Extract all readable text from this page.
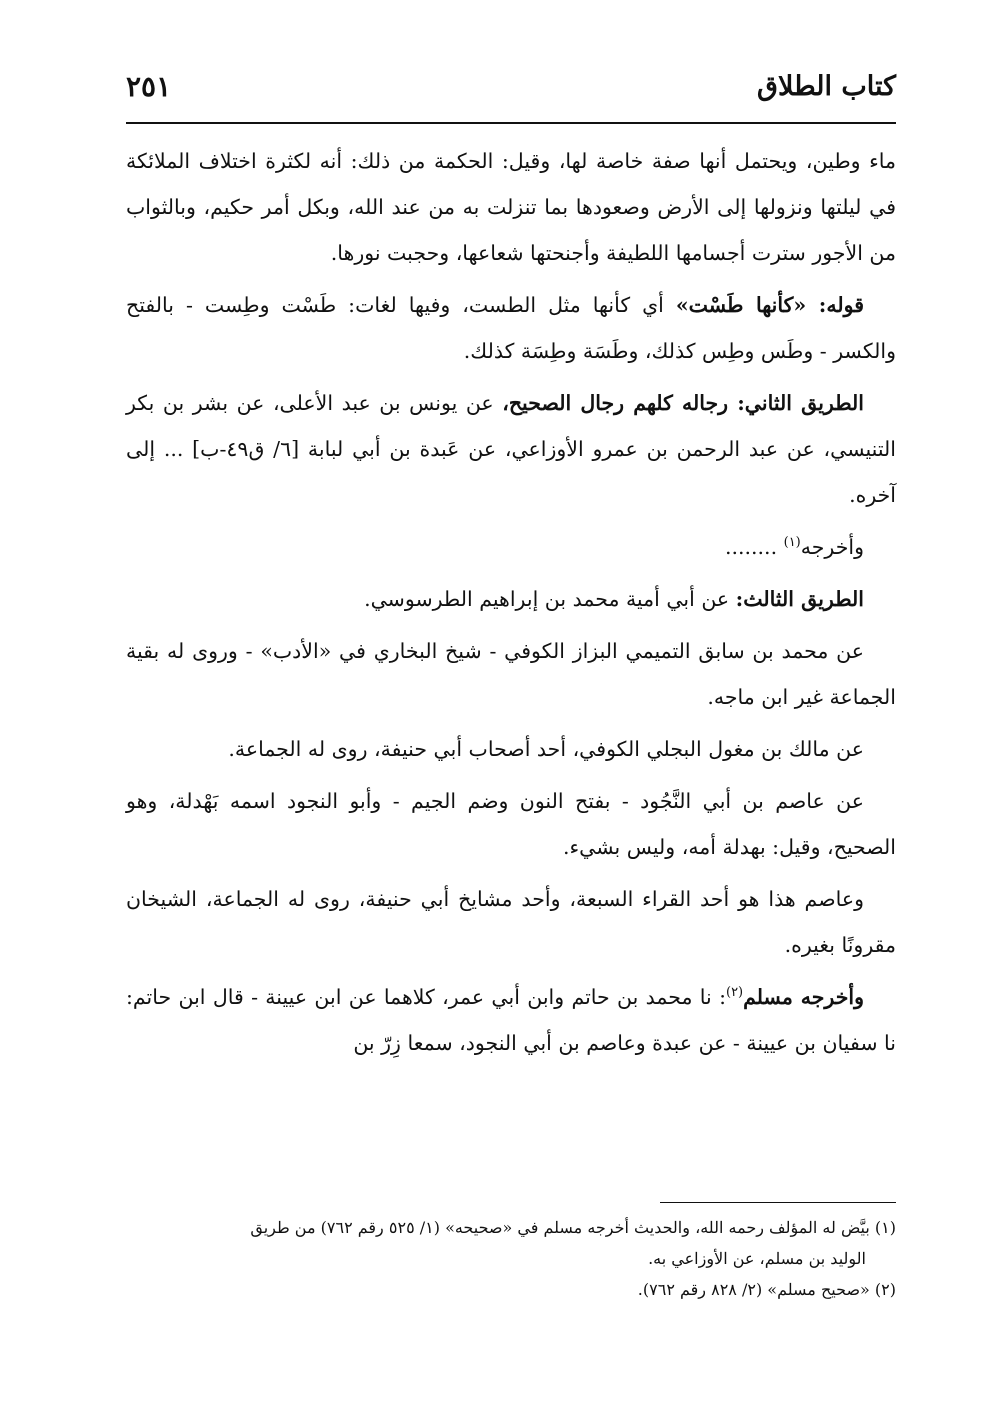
كتاب الطلاق
٢٥١

ماء وطين، ويحتمل أنها صفة خاصة لها، وقيل: الحكمة من ذلك: أنه لكثرة اختلاف الملائكة في ليلتها ونزولها إلى الأرض وصعودها بما تنزلت به من عند الله، وبكل أمر حكيم، وبالثواب من الأجور سترت أجسامها اللطيفة وأجنحتها شعاعها، وحجبت نورها.

قوله: «كأنها طَسْت» أي كأنها مثل الطست، وفيها لغات: طَسْت وطِست - بالفتح والكسر - وطَس وطِس كذلك، وطَسَة وطِسَة كذلك.

الطريق الثاني: رجاله كلهم رجال الصحيح، عن يونس بن عبد الأعلى، عن بشر بن بكر التنيسي، عن عبد الرحمن بن عمرو الأوزاعي، عن عَبدة بن أبي لبابة [٦/ ق٤٩-ب] ... إلى آخره.

وأخرجه$^{(١)}$ ........

الطريق الثالث: عن أبي أمية محمد بن إبراهيم الطرسوسي.

عن محمد بن سابق التميمي البزاز الكوفي - شيخ البخاري في «الأدب» - وروى له بقية الجماعة غير ابن ماجه.

عن مالك بن مغول البجلي الكوفي، أحد أصحاب أبي حنيفة، روى له الجماعة.

عن عاصم بن أبي النَّجُود - بفتح النون وضم الجيم - وأبو النجود اسمه بَهْدلة، وهو الصحيح، وقيل: بهدلة أمه، وليس بشيء.

وعاصم هذا هو أحد القراء السبعة، وأحد مشايخ أبي حنيفة، روى له الجماعة، الشيخان مقرونًا بغيره.

وأخرجه مسلم$^{(٢)}$: نا محمد بن حاتم وابن أبي عمر، كلاهما عن ابن عيينة - قال ابن حاتم: نا سفيان بن عيينة - عن عبدة وعاصم بن أبي النجود، سمعا زِرّ بن

(١) بيَّض له المؤلف رحمه الله، والحديث أخرجه مسلم في «صحيحه» (١/ ٥٢٥ رقم ٧٦٢) من طريق

الوليد بن مسلم، عن الأوزاعي به.

(٢) «صحيح مسلم» (٢/ ٨٢٨ رقم ٧٦٢).
